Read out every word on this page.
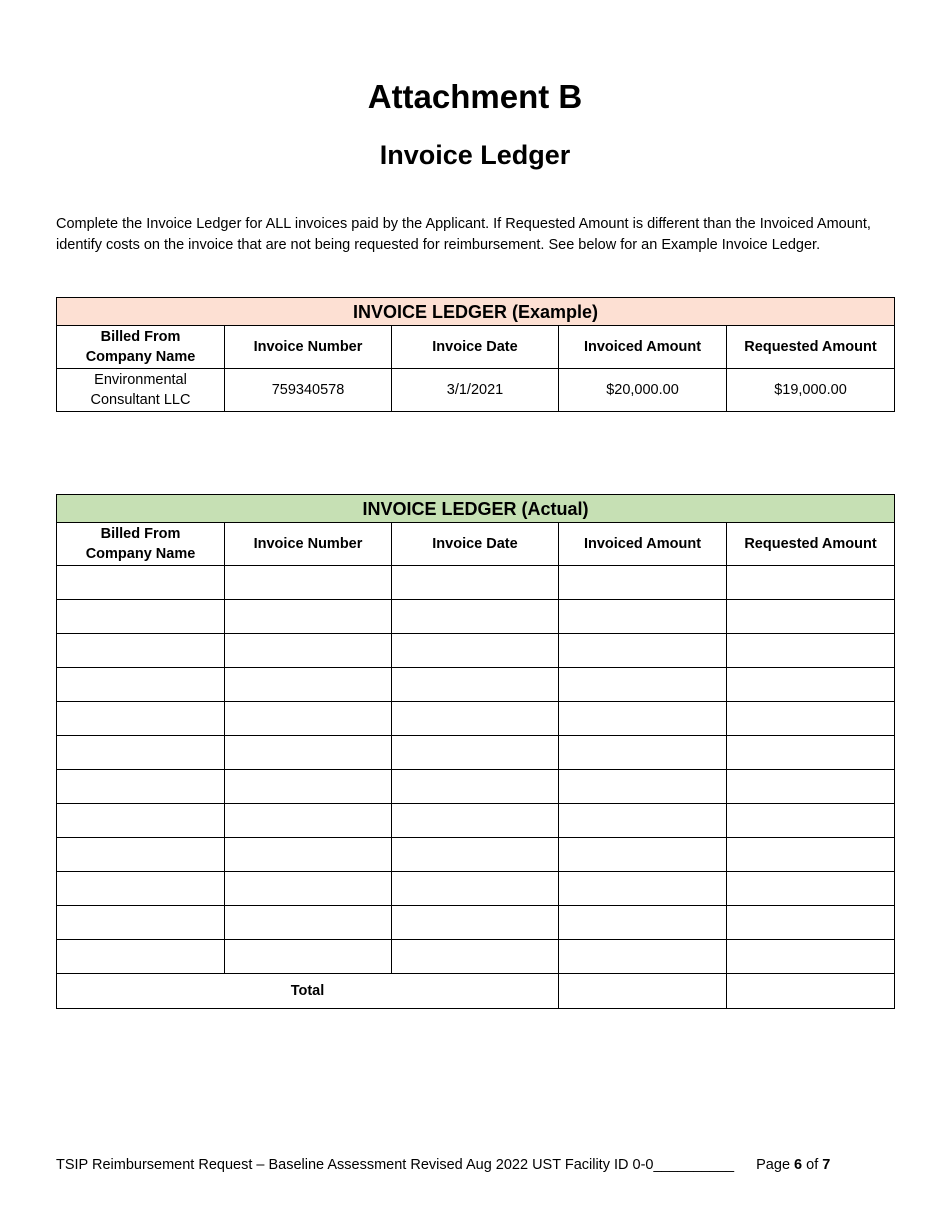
Attachment B
Invoice Ledger

Complete the Invoice Ledger for ALL invoices paid by the Applicant. If Requested Amount is different than the Invoiced Amount, identify costs on the invoice that are not being requested for reimbursement. See below for an Example Invoice Ledger.

INVOICE LEDGER (Example)				
Billed From
Company Name	Invoice Number	Invoice Date	Invoiced Amount	Requested Amount
Environmental
Consultant LLC	759340578	3/1/2021	$20,000.00	$19,000.00
INVOICE LEDGER (Actual)				
Billed From
Company Name	Invoice Number	Invoice Date	Invoiced Amount	Requested Amount

Total				
TSIP Reimbursement Request – Baseline Assessment Revised Aug 2022 UST Facility ID 0-0__________ Page 6 of 7
